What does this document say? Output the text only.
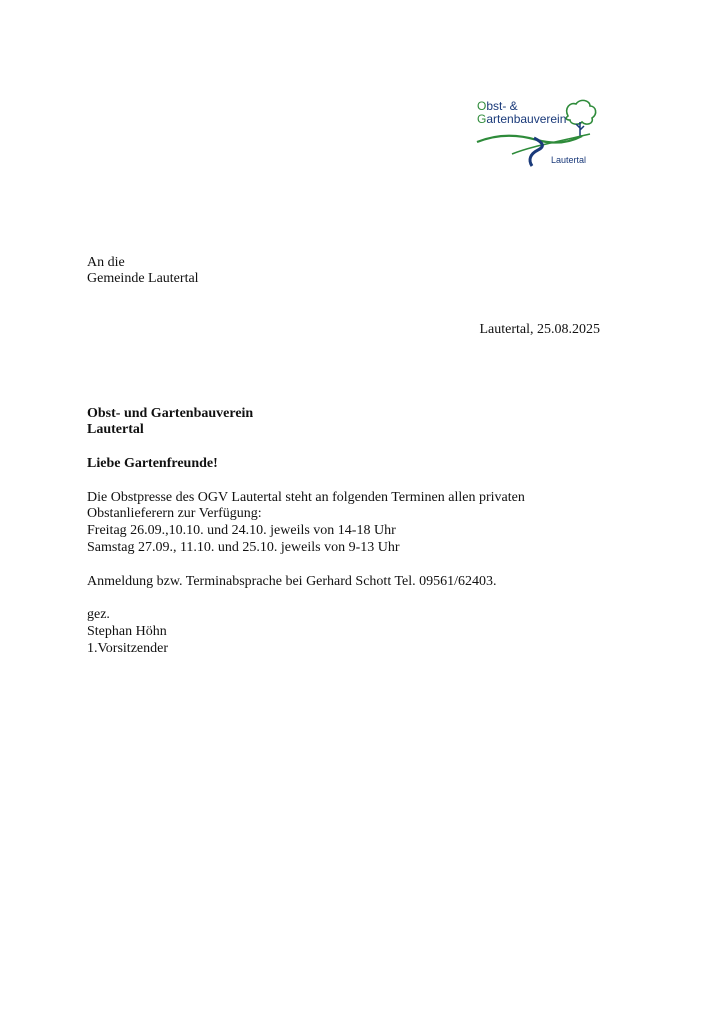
Obst- &
Gartenbauverein
Lautertal

An die

Gemeinde Lautertal

Lautertal, 25.08.2025

Obst- und Gartenbauverein

Lautertal

Liebe Gartenfreunde!

Die Obstpresse des OGV Lautertal steht an folgenden Terminen allen privaten

Obstanlieferern zur Verfügung:

Freitag 26.09.,10.10. und 24.10. jeweils von 14-18 Uhr

Samstag 27.09., 11.10. und 25.10. jeweils von 9-13 Uhr

Anmeldung bzw. Terminabsprache bei Gerhard Schott Tel. 09561/62403.

gez.

Stephan Höhn

1.Vorsitzender
